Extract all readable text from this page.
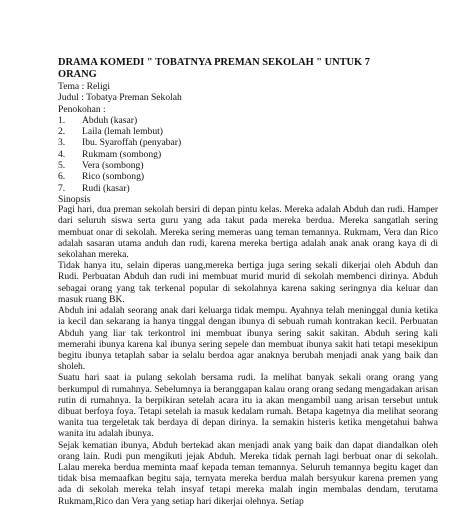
DRAMA KOMEDI " TOBATNYA PREMAN SEKOLAH " UNTUK 7 ORANG
Tema : Religi
Judul : Tobatya Preman Sekolah
Penokohan :
1.	Abduh (kasar)
2.	Laila (lemah lembut)
3.	Ibu. Syaroffah (penyabar)
4.	Rukmam (sombong)
5.	Vera (sombong)
6.	Rico (sombong)
7.	Rudi (kasar)
Sinopsis

Pagi hari, dua preman sekolah bersiri di depan pintu kelas. Mereka adalah Abduh dan rudi. Hamper dari seluruh siswa serta guru yang ada takut pada mereka berdua. Mereka sangatlah sering membuat onar di sekolah. Mereka sering memeras uang teman temannya. Rukmam, Vera dan Rico adalah sasaran utama anduh dan rudi, karena mereka bertiga adalah anak anak orang kaya di di sekolahan mereka.

Tidak hanya itu, selain diperas uang,mereka bertiga juga sering sekali dikerjai oleh Abduh dan Rudi. Perbuatan Abduh dan rudi ini membuat murid murid di sekolah membenci dirinya. Abduh sebagai orang yang tak terkenal popular di sekolahnya karena saking seringnya dia keluar dan masuk ruang BK.

Abduh ini adalah seorang anak dari keluarga tidak mempu. Ayahnya telah meninggal dunia ketika ia kecil dan sekarang ia hanya tinggal dengan ibunya di sebuah rumah kontrakan kecil. Perbuatan Abduh yang liar tak terkontrol ini membuat ibunya sering sakit sakitan. Abduh sering kali memerahi ibunya karena kal ibunya sering sepele dan membuat ibunya sakit hati tetapi mesekipun begitu ibunya tetaplah sabar ia selalu berdoa agar anaknya berubah menjadi anak yang baik dan sholeh.

Suatu hari saat ia pulang sekolah bersama rudi. Ia melihat banyak sekali orang orang yang berkumpul di rumahnya. Sebelumnya ia beranggapan kalau orang orang sedang mengadakan arisan rutin di rumahnya. Ia berpikiran setelah acara itu ia akan mengambil uang arisan tersebut untuk dibuat berfoya foya. Tetapi setelah ia masuk kedalam rumah. Betapa kagetnya dia melihat seorang wanita tua tergeletak tak berdaya di depan dirinya. Ia semakin histeris ketika mengetahui bahwa wanita itu adalah ibunya.

Sejak kematian ibunya, Abduh bertekad akan menjadi anak yang baik dan dapat diandalkan oleh orang lain. Rudi pun mengikuti jejak Abduh. Mereka tidak pernah lagi berbuat onar di sekolah. Lalau mereka berdua meminta maaf kepada teman temannya. Seluruh temannya begitu kaget dan tidak bisa memaafkan begitu saja, ternyata mereka berdua malah bersyukur karena premen yang ada di sekolah mereka telah insyaf tetapi mereka malah ingin membalas dendam, terutama Rukmam,Rico dan Vera yang setiap hari dikerjai olehnya. Setiap
